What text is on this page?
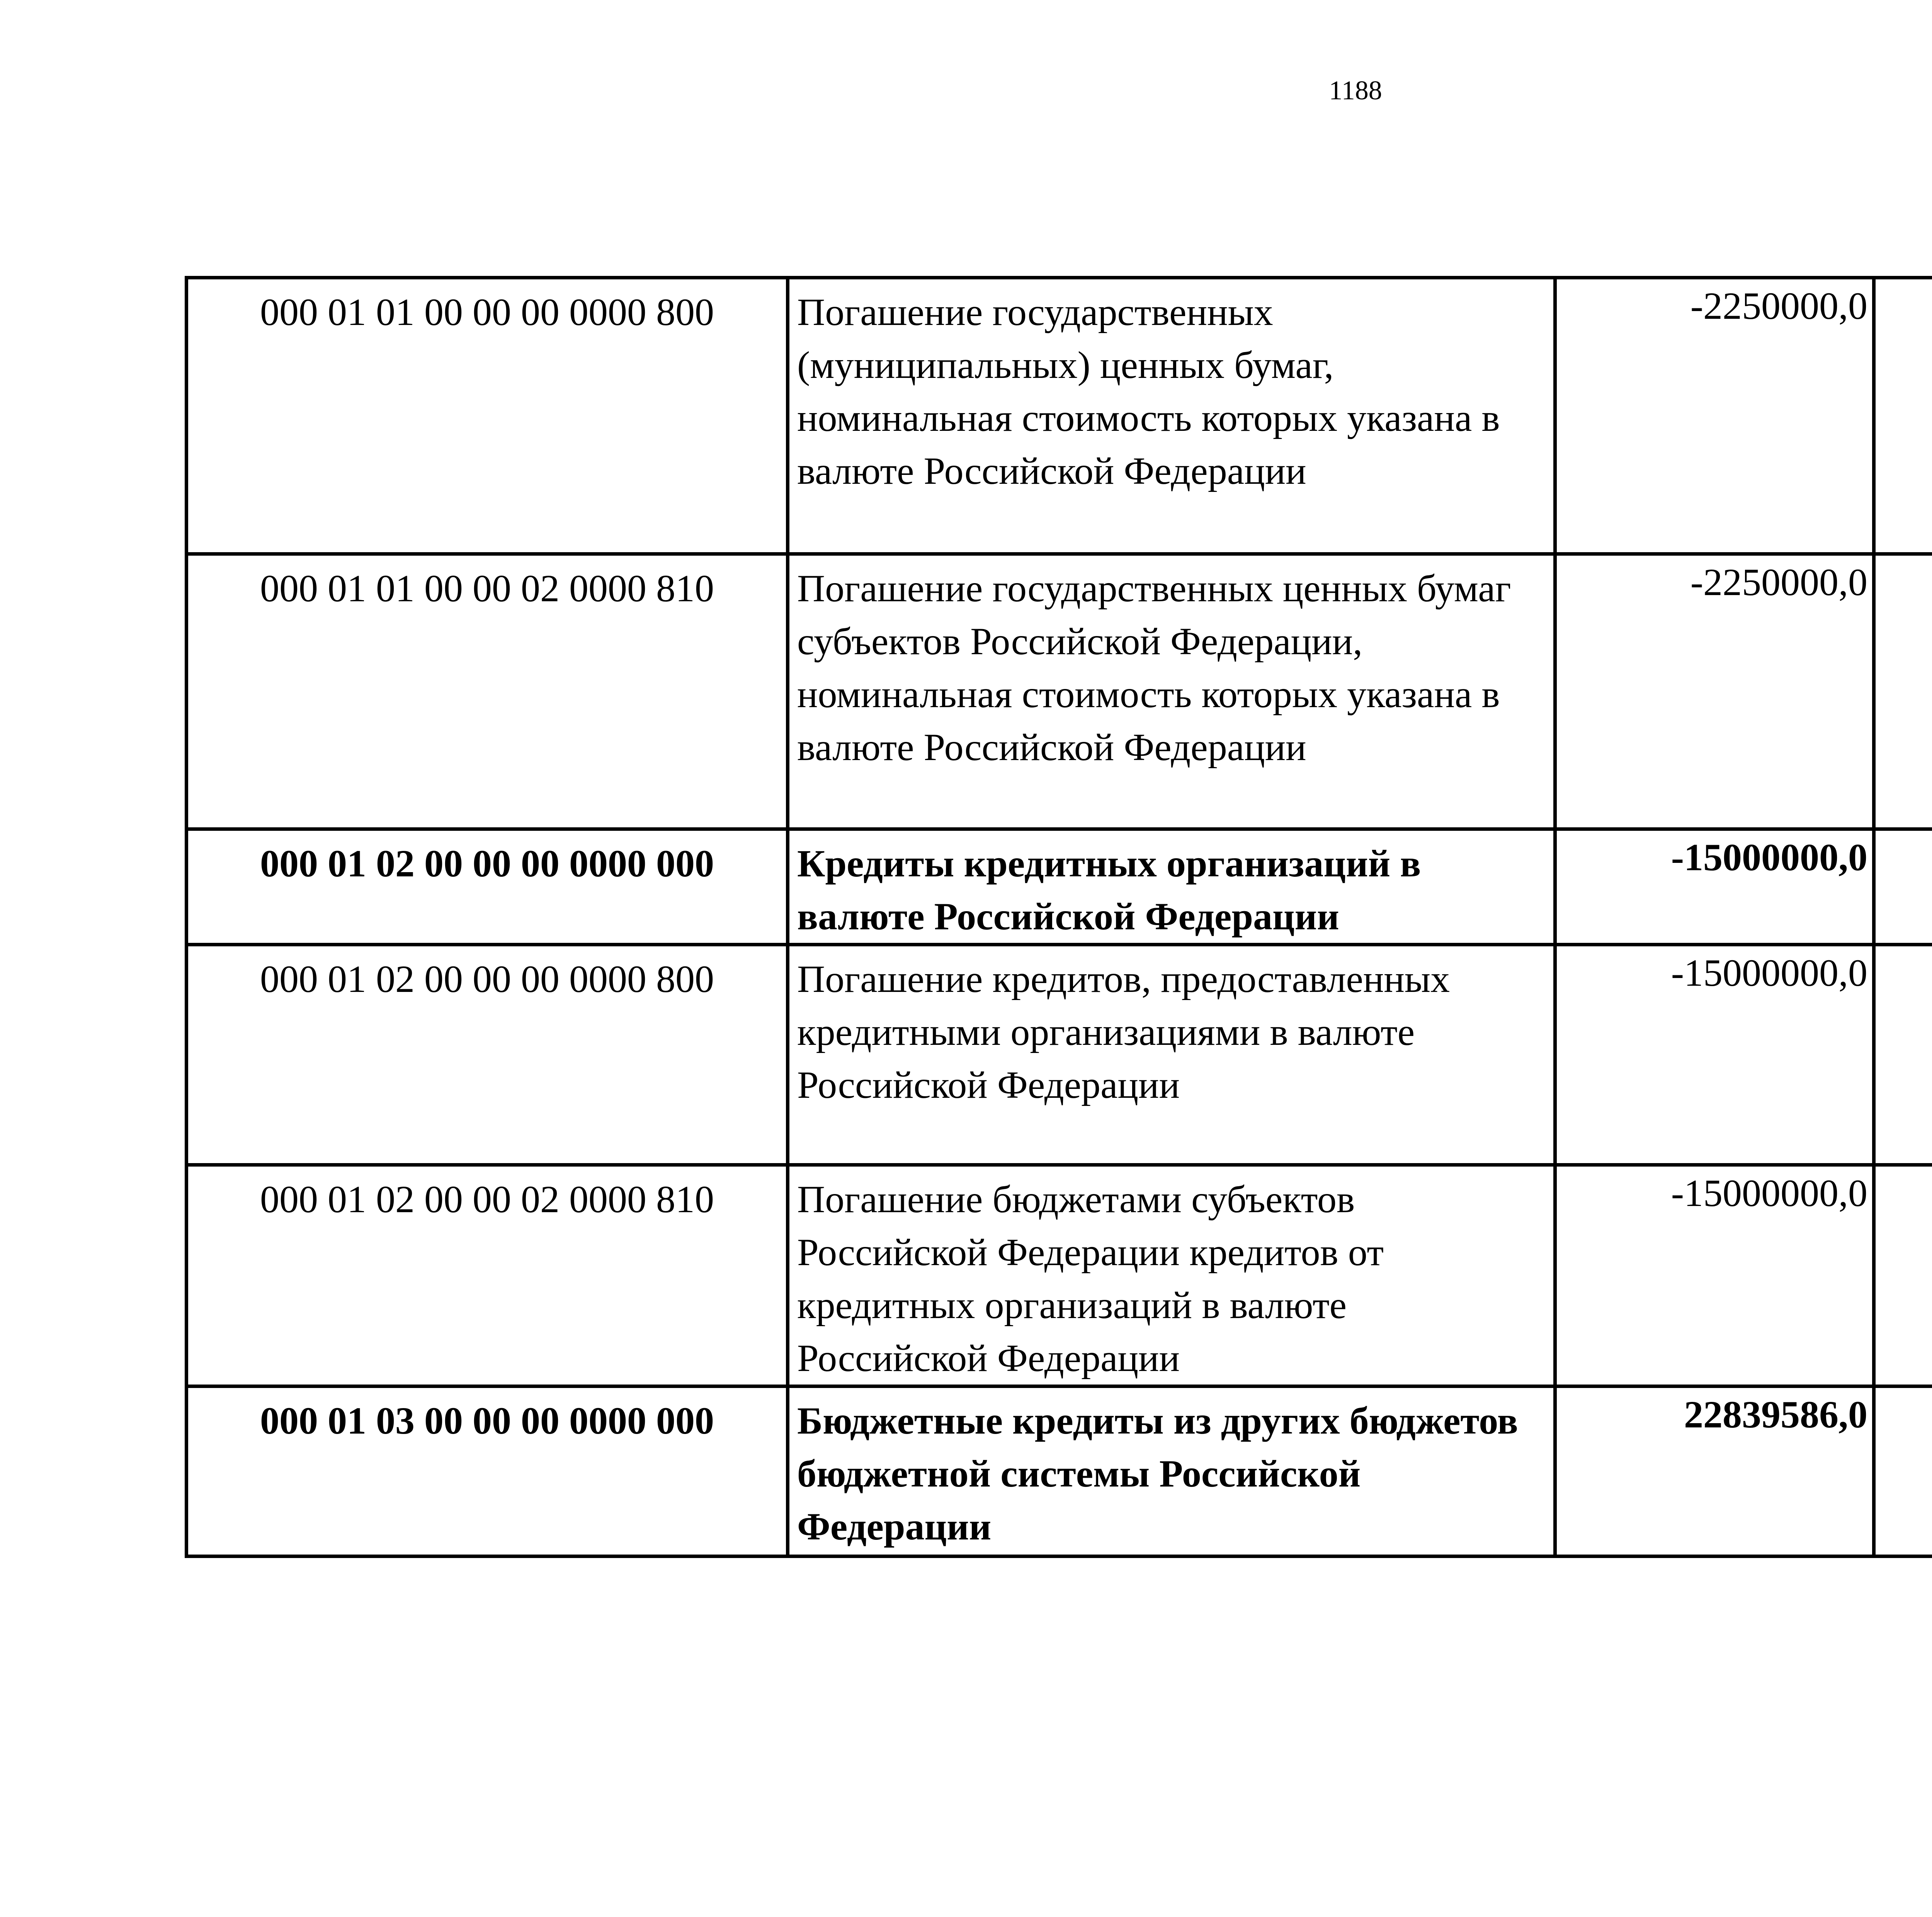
1188
000 01 01 00 00 00 0000 800	Погашение государственных (муниципальных) ценных бумаг, номинальная стоимость которых указана в валюте Российской Федерации	-2250000,0		
000 01 01 00 00 02 0000 810	Погашение государственных ценных бумаг субъектов Российской Федерации, номинальная стоимость которых указана в валюте Российской Федерации	-2250000,0		
000 01 02 00 00 00 0000 000	Кредиты кредитных организаций в валюте Российской Федерации	-15000000,0		
000 01 02 00 00 00 0000 800	Погашение кредитов, предоставленных кредитными организациями в валюте Российской Федерации	-15000000,0		
000 01 02 00 00 02 0000 810	Погашение бюджетами субъектов Российской Федерации кредитов от кредитных организаций в валюте Российской Федерации	-15000000,0		
000 01 03 00 00 00 0000 000	Бюджетные кредиты из других бюджетов бюджетной системы Российской Федерации	22839586,0		
